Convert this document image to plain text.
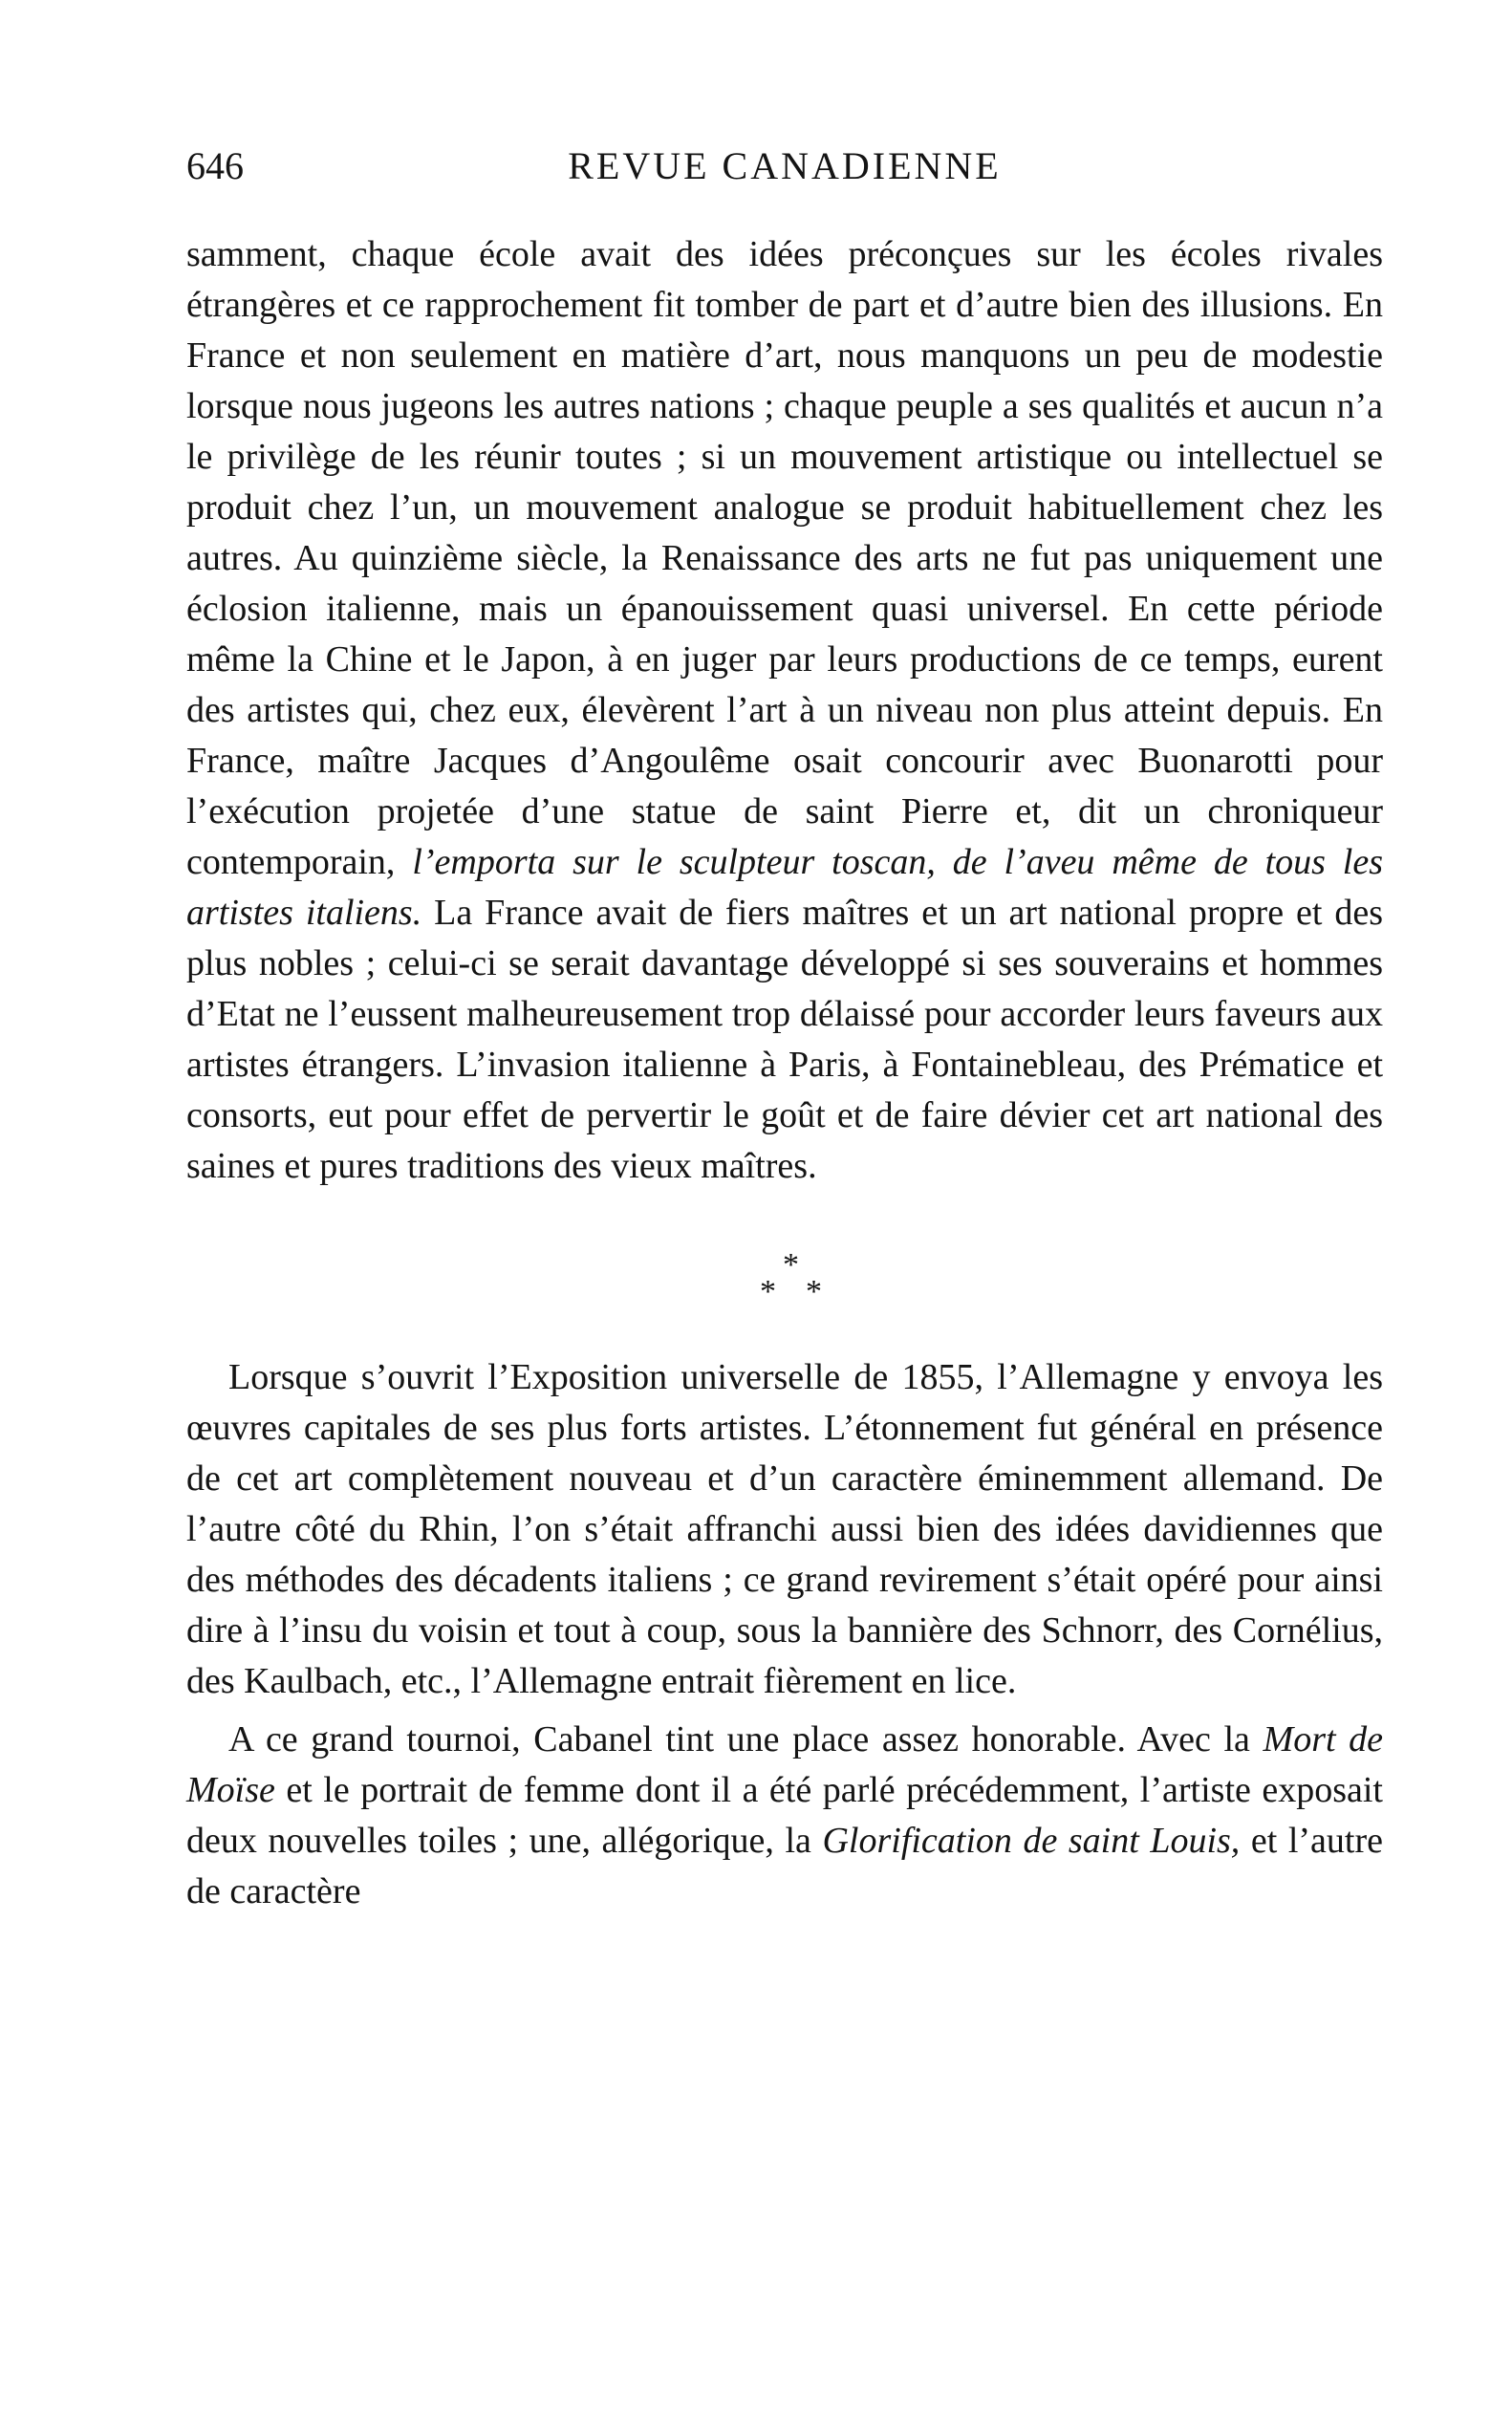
646	REVUE CANADIENNE

samment, chaque école avait des idées préconçues sur les écoles rivales étrangères et ce rapprochement fit tomber de part et d’autre bien des illusions. En France et non seulement en matière d’art, nous manquons un peu de modestie lorsque nous jugeons les autres nations ; chaque peuple a ses qualités et aucun n’a le privilège de les réunir toutes ; si un mouvement artistique ou intellectuel se produit chez l’un, un mouvement analogue se produit habituellement chez les autres. Au quinzième siècle, la Renaissance des arts ne fut pas uniquement une éclosion italienne, mais un épanouissement quasi universel. En cette période même la Chine et le Japon, à en juger par leurs productions de ce temps, eurent des artistes qui, chez eux, élevèrent l’art à un niveau non plus atteint depuis. En France, maître Jacques d’Angoulême osait concourir avec Buonarotti pour l’exécution projetée d’une statue de saint Pierre et, dit un chroniqueur contemporain, l’emporta sur le sculpteur toscan, de l’aveu même de tous les artistes italiens. La France avait de fiers maîtres et un art national propre et des plus nobles ; celui-ci se serait davantage développé si ses souverains et hommes d’Etat ne l’eussent malheureusement trop délaissé pour accorder leurs faveurs aux artistes étrangers. L’invasion italienne à Paris, à Fontainebleau, des Prématice et consorts, eut pour effet de pervertir le goût et de faire dévier cet art national des saines et pures traditions des vieux maîtres.

*
* *

Lorsque s’ouvrit l’Exposition universelle de 1855, l’Allemagne y envoya les œuvres capitales de ses plus forts artistes. L’étonnement fut général en présence de cet art complètement nouveau et d’un caractère éminemment allemand. De l’autre côté du Rhin, l’on s’était affranchi aussi bien des idées davidiennes que des méthodes des décadents italiens ; ce grand revirement s’était opéré pour ainsi dire à l’insu du voisin et tout à coup, sous la bannière des Schnorr, des Cornélius, des Kaulbach, etc., l’Allemagne entrait fièrement en lice.

A ce grand tournoi, Cabanel tint une place assez honorable. Avec la Mort de Moïse et le portrait de femme dont il a été parlé précédemment, l’artiste exposait deux nouvelles toiles ; une, allégorique, la Glorification de saint Louis, et l’autre de caractère
